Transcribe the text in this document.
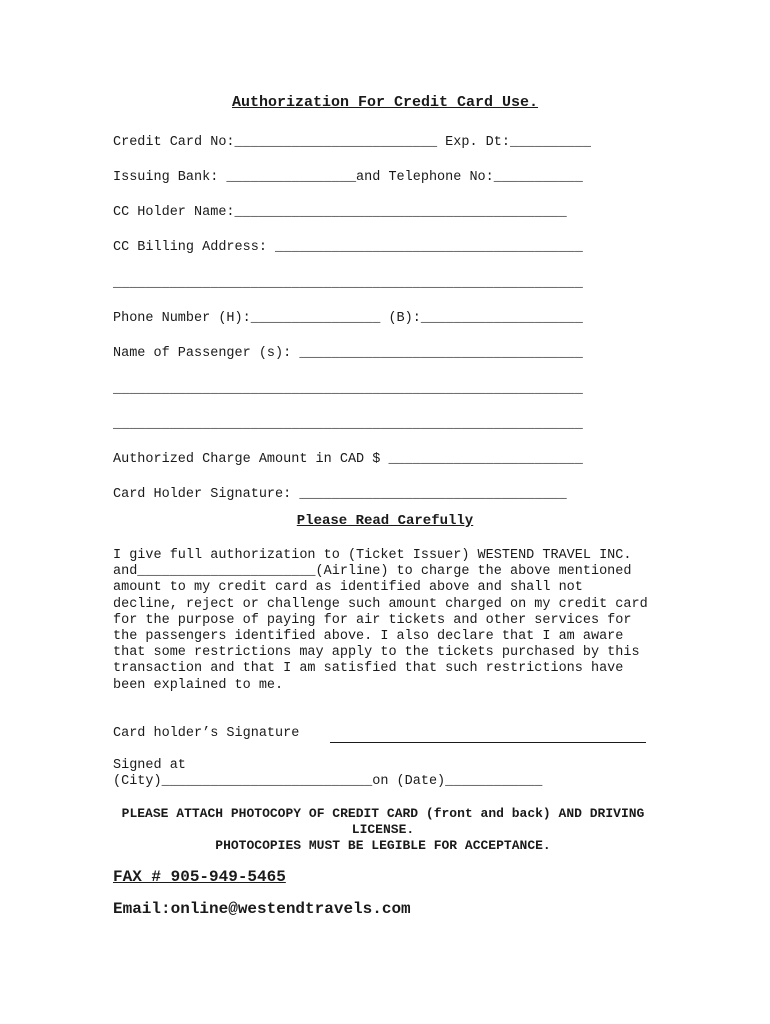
Authorization For Credit Card Use.
Credit Card No:_________________________ Exp. Dt:__________
Issuing Bank: ________________and Telephone No:___________
CC Holder Name:_________________________________________
CC Billing Address: ______________________________________
__________________________________________________________
Phone Number (H):________________ (B):____________________
Name of Passenger (s): ___________________________________
__________________________________________________________
__________________________________________________________
Authorized Charge Amount in CAD $ ________________________
Card Holder Signature: _________________________________
Please Read Carefully
I give full authorization to (Ticket Issuer) WESTEND TRAVEL INC. and______________________(Airline) to charge the above mentioned amount to my credit card as identified above and shall not decline, reject or challenge such amount charged on my credit card for the purpose of paying for air tickets and other services for the passengers identified above. I also declare that I am aware that some restrictions may apply to the tickets purchased by this transaction and that I am satisfied that such restrictions have been explained to me.
Card holder’s Signature
Signed at
(City)__________________________on (Date)____________
PLEASE ATTACH PHOTOCOPY OF CREDIT CARD (front and back) AND DRIVING LICENSE.
PHOTOCOPIES MUST BE LEGIBLE FOR ACCEPTANCE.
FAX # 905-949-5465
Email:online@westendtravels.com
